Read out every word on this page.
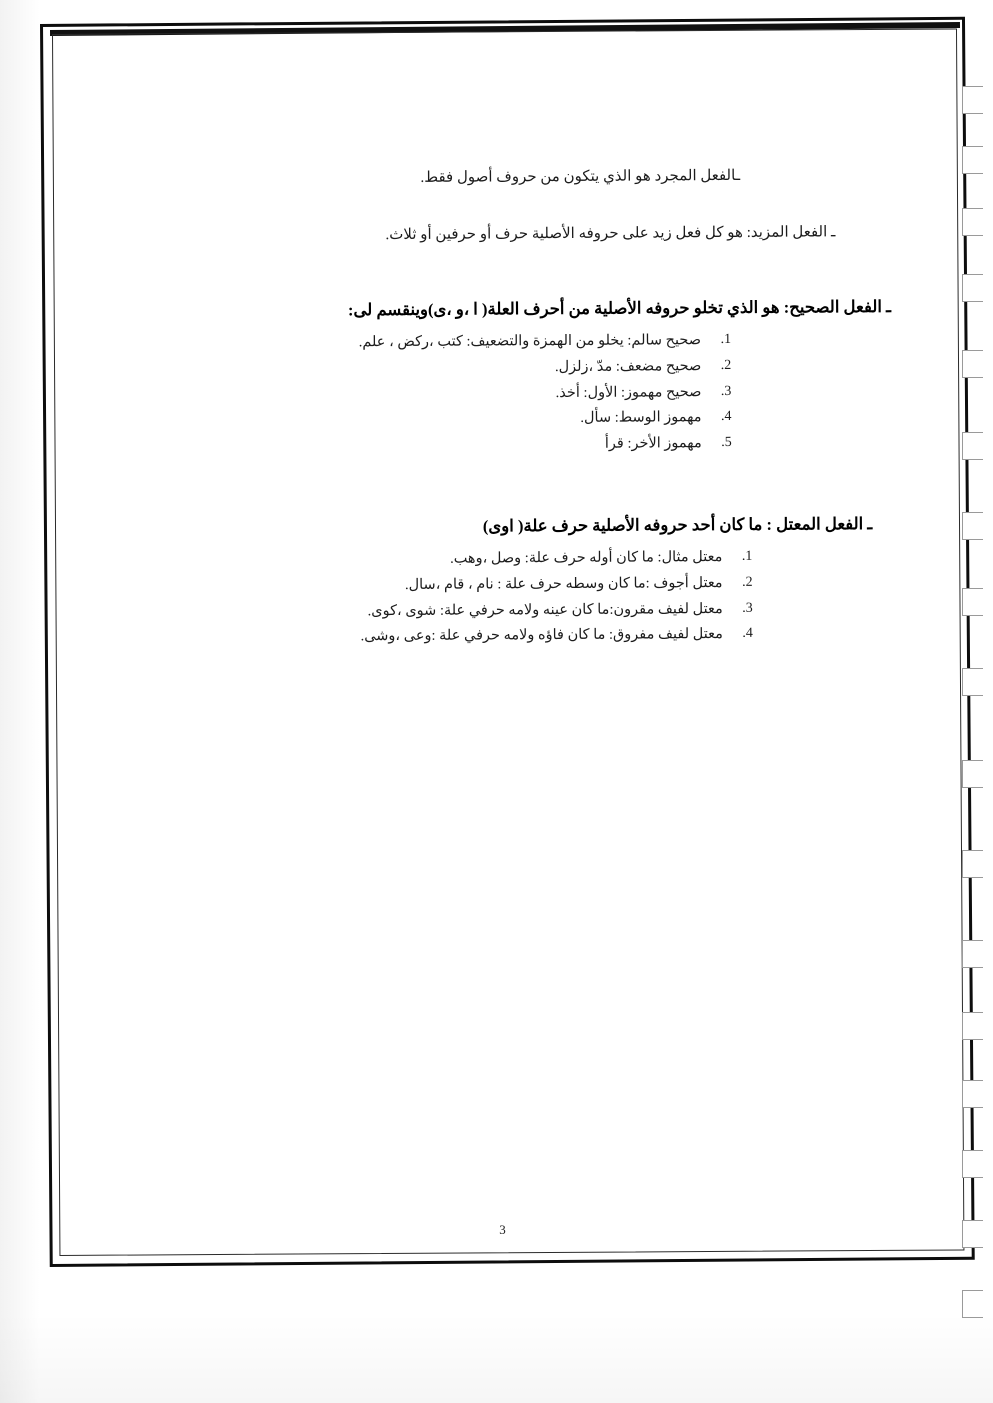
ـالفعل المجرد هو الذي يتكون من حروف أصول فقط.

ـ الفعل المزيد: هو كل فعل زيد على حروفه الأصلية حرف أو حرفين أو ثلاث.

ـ الفعل الصحيح: هو الذي تخلو حروفه الأصلية من أحرف العلة( ا ،و ،ى)وينقسم لى:
صحيح سالم: يخلو من الهمزة والتضعيف: كتب ،ركض ، علم.
صحيح مضعف: مدّ ،زلزل.
صحيح مهموز: الأول: أخذ.
مهموز الوسط: سأل.
مهموز الأخر: قرأ
ـ الفعل المعتل : ما كان أحد حروفه الأصلية حرف علة( اوى)
معتل مثال: ما كان أوله حرف علة: وصل ،وهب.
معتل أجوف :ما كان وسطه حرف علة : نام ، قام ،سال.
معتل لفيف مقرون:ما كان عينه ولامه حرفي علة: شوى ،كوى.
معتل لفيف مفروق: ما كان فاؤه ولامه حرفي علة :وعى ،وشى.
3
